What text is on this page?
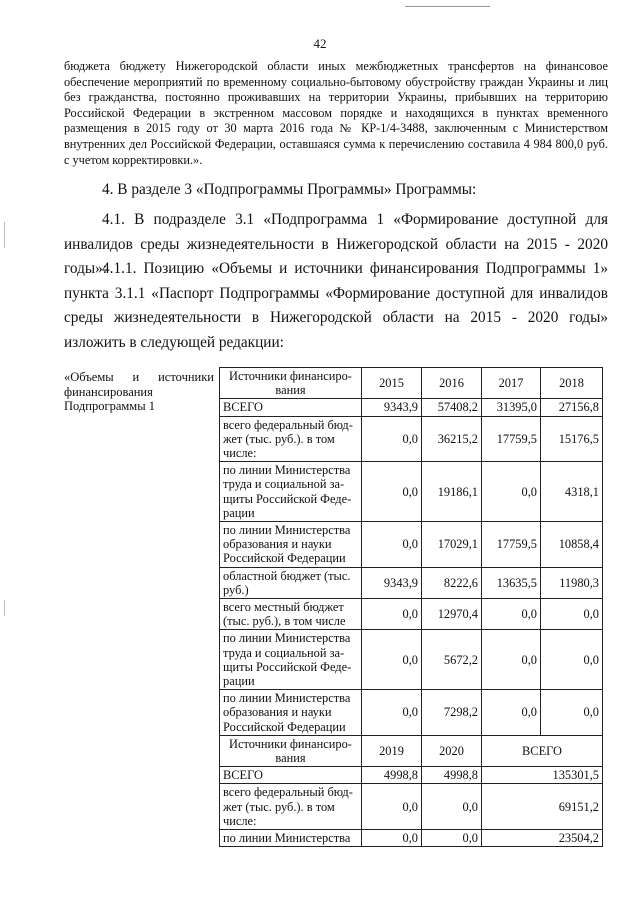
42

бюджета бюджету Нижегородской области иных межбюджетных трансфертов на финансовое обеспечение мероприятий по временному социально-бытовому обустройству граждан Украины и лиц без гражданства, постоянно проживавших на территории Украины, прибывших на территорию Российской Федерации в экстренном массовом порядке и находящихся в пунктах временного размещения в 2015 году от 30 марта 2016 года № КР-1/4-3488, заключенным с Министерством внутренних дел Российской Федерации, оставшаяся сумма к перечислению составила 4 984 800,0 руб. с учетом корректировки.».

4. В разделе 3 «Подпрограммы Программы» Программы:

4.1. В подразделе 3.1 «Подпрограмма 1 «Формирование доступной для инвалидов среды жизнедеятельности в Нижегородской области на 2015 - 2020 годы»:

4.1.1. Позицию «Объемы и источники финансирования Подпрограммы 1» пункта 3.1.1 «Паспорт Подпрограммы «Формирование доступной для инвалидов среды жизнедеятельности в Нижегородской области на 2015 - 2020 годы» изложить в следующей редакции:

«Объемы и источники финансирования Подпрограммы 1
Источники финансиро-вания	2015	2016	2017	2018
ВСЕГО	9343,9	57408,2	31395,0	27156,8
всего федеральный бюд-жет (тыс. руб.). в том числе:	0,0	36215,2	17759,5	15176,5
по линии Министерства труда и социальной за-щиты Российской Феде-рации	0,0	19186,1	0,0	4318,1
по линии Министерства образования и науки Российской Федерации	0,0	17029,1	17759,5	10858,4
областной бюджет (тыс. руб.)	9343,9	8222,6	13635,5	11980,3
всего местный бюджет (тыс. руб.), в том числе	0,0	12970,4	0,0	0,0
по линии Министерства труда и социальной за-щиты Российской Феде-рации	0,0	5672,2	0,0	0,0
по линии Министерства образования и науки Российской Федерации	0,0	7298,2	0,0	0,0
Источники финансиро-вания	2019	2020	ВСЕГО	
ВСЕГО	4998,8	4998,8	135301,5	
всего федеральный бюд-жет (тыс. руб.). в том числе:	0,0	0,0	69151,2	
по линии Министерства	0,0	0,0	23504,2	
